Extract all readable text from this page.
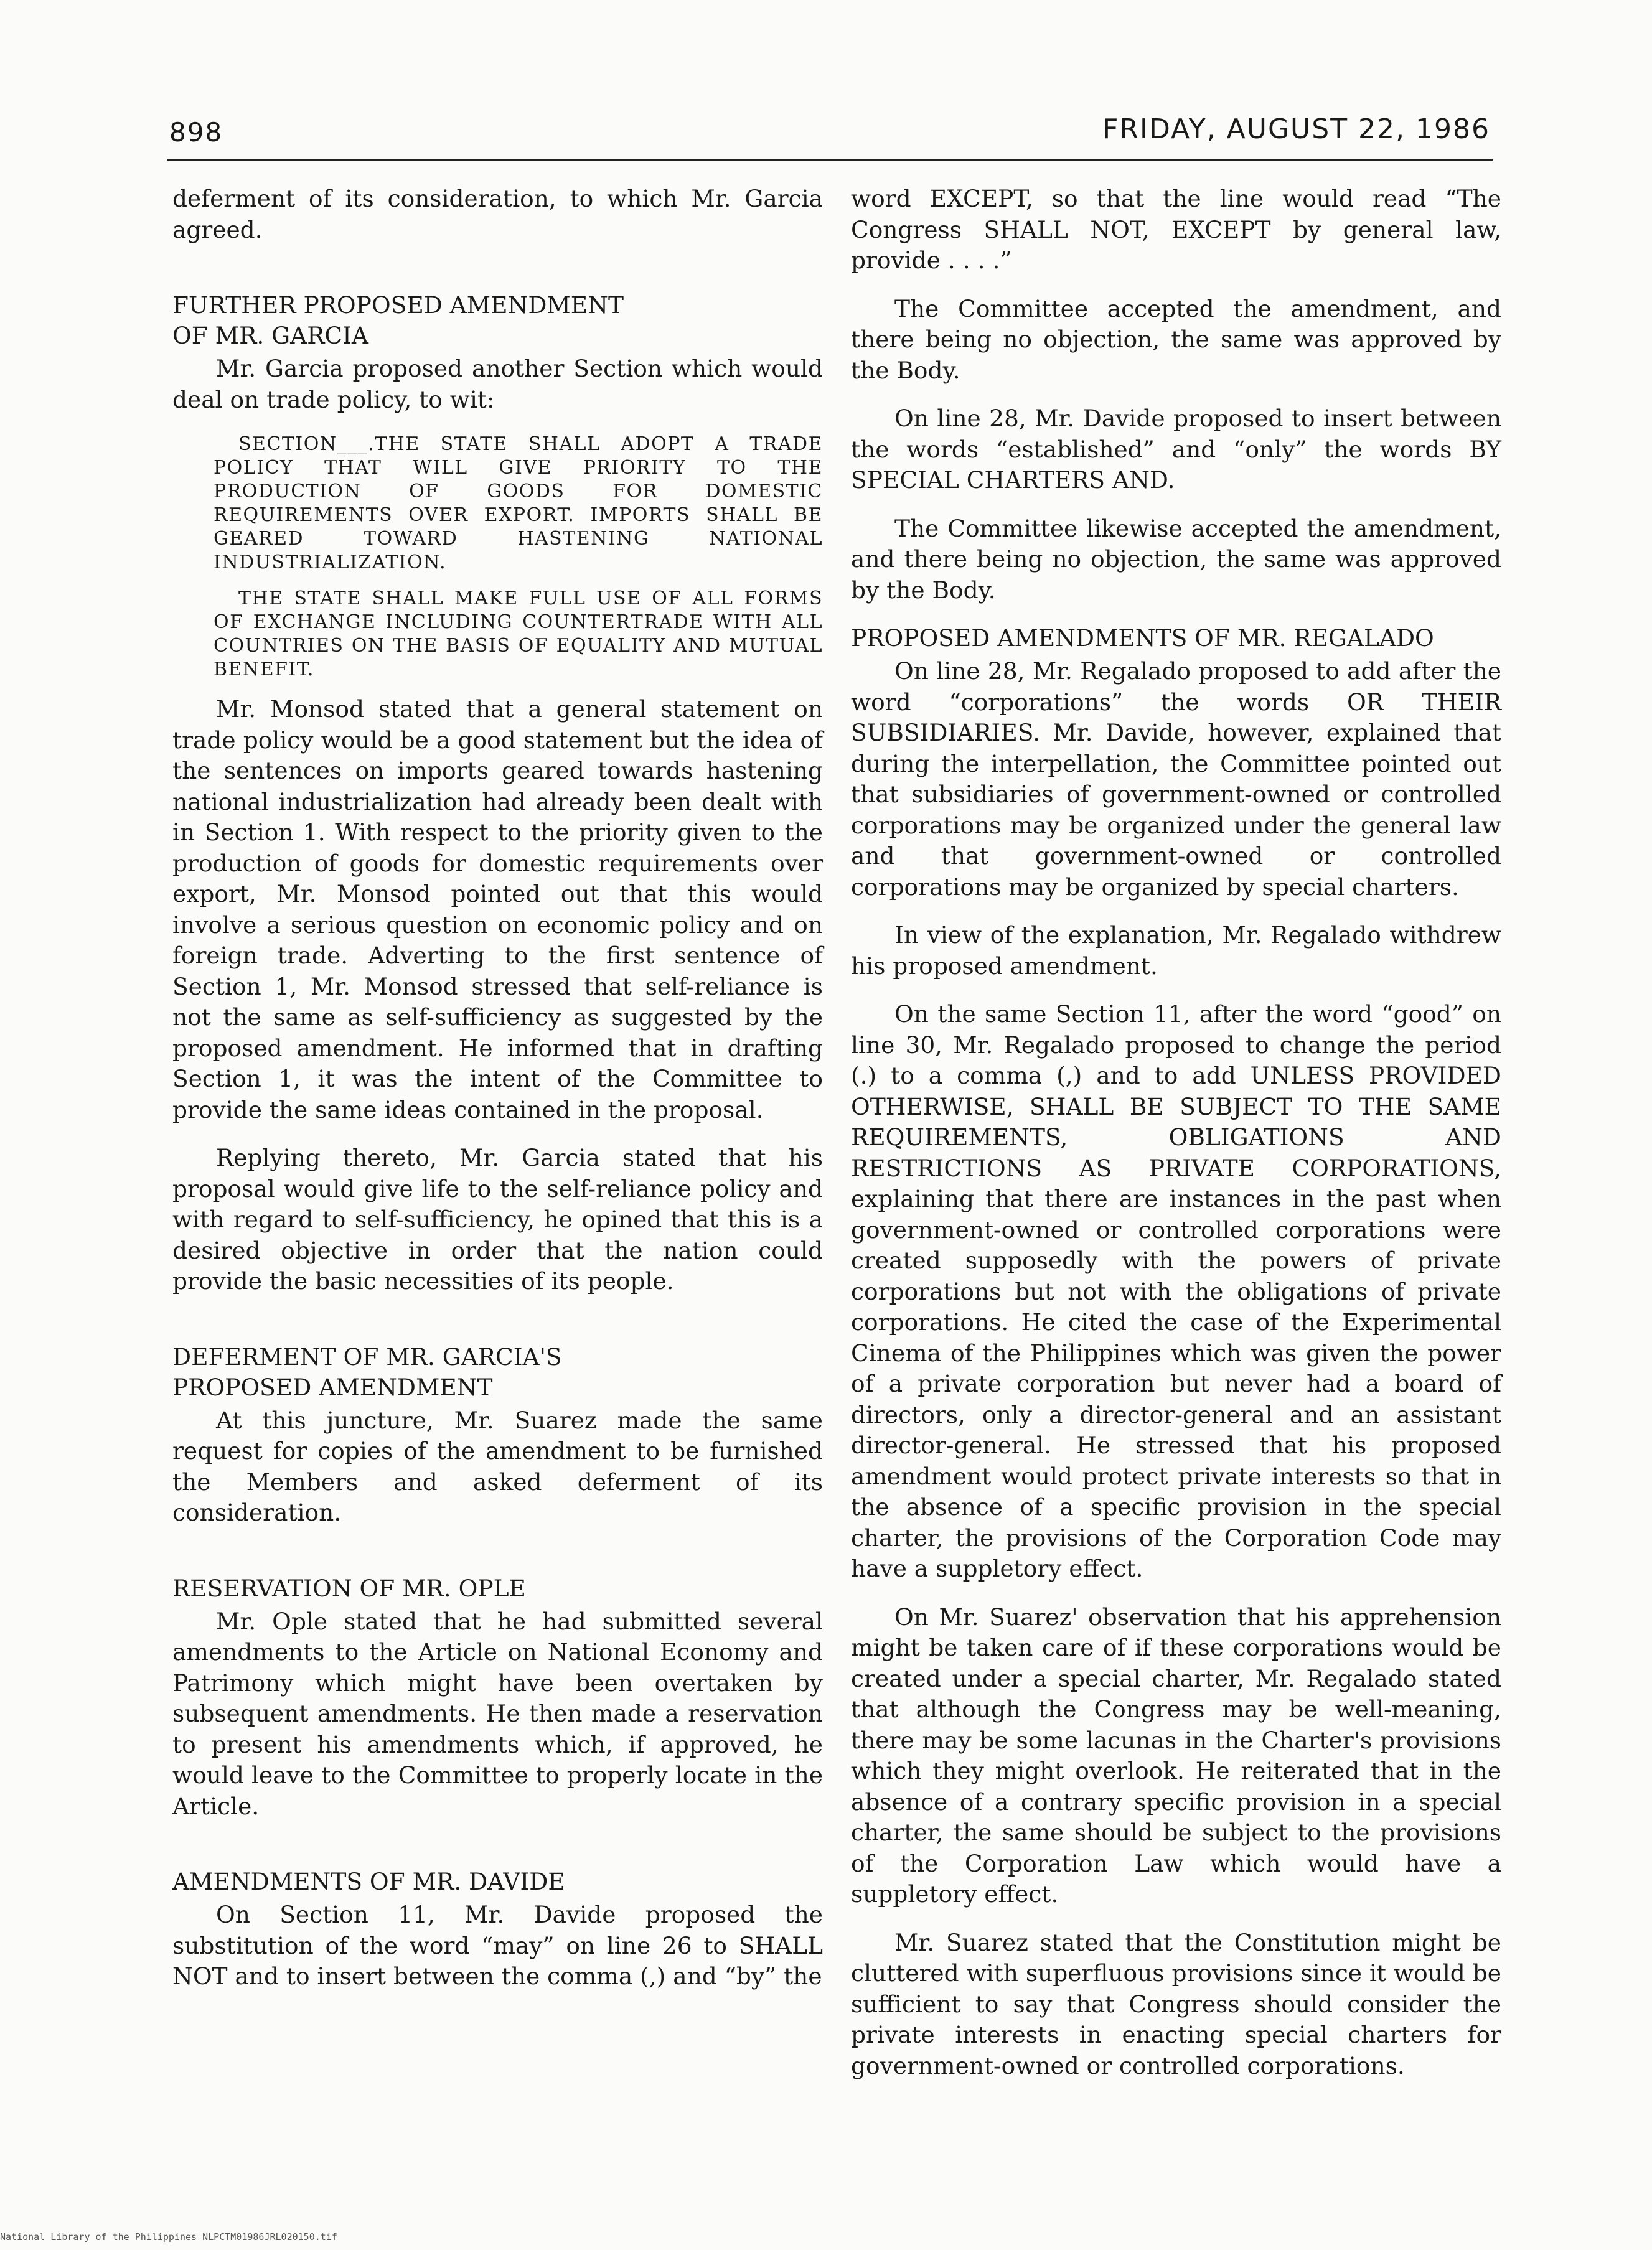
898	FRIDAY, AUGUST 22, 1986

deferment of its consideration, to which Mr. Garcia agreed.

FURTHER PROPOSED AMENDMENT
OF MR. GARCIA

Mr. Garcia proposed another Section which would deal on trade policy, to wit:

SECTION___.THE STATE SHALL ADOPT A TRADE POLICY THAT WILL GIVE PRIORITY TO THE PRODUCTION OF GOODS FOR DOMESTIC REQUIREMENTS OVER EXPORT. IMPORTS SHALL BE GEARED TOWARD HASTENING NATIONAL INDUSTRIALIZATION.

THE STATE SHALL MAKE FULL USE OF ALL FORMS OF EXCHANGE INCLUDING COUNTERTRADE WITH ALL COUNTRIES ON THE BASIS OF EQUALITY AND MUTUAL BENEFIT.

Mr. Monsod stated that a general statement on trade policy would be a good statement but the idea of the sentences on imports geared towards hastening national industrialization had already been dealt with in Section 1. With respect to the priority given to the production of goods for domestic requirements over export, Mr. Monsod pointed out that this would involve a serious question on economic policy and on foreign trade. Adverting to the first sentence of Section 1, Mr. Monsod stressed that self-reliance is not the same as self-sufficiency as suggested by the proposed amendment. He informed that in drafting Section 1, it was the intent of the Committee to provide the same ideas contained in the proposal.

Replying thereto, Mr. Garcia stated that his proposal would give life to the self-reliance policy and with regard to self-sufficiency, he opined that this is a desired objective in order that the nation could provide the basic necessities of its people.

DEFERMENT OF MR. GARCIA'S
PROPOSED AMENDMENT

At this juncture, Mr. Suarez made the same request for copies of the amendment to be furnished the Members and asked deferment of its consideration.

RESERVATION OF MR. OPLE

Mr. Ople stated that he had submitted several amendments to the Article on National Economy and Patrimony which might have been overtaken by subsequent amendments. He then made a reservation to present his amendments which, if approved, he would leave to the Committee to properly locate in the Article.

AMENDMENTS OF MR. DAVIDE

On Section 11, Mr. Davide proposed the substitution of the word “may” on line 26 to SHALL NOT and to insert between the comma (,) and “by” the

word EXCEPT, so that the line would read “The Congress SHALL NOT, EXCEPT by general law, provide . . . .”

The Committee accepted the amendment, and there being no objection, the same was approved by the Body.

On line 28, Mr. Davide proposed to insert between the words “established” and “only” the words BY SPECIAL CHARTERS AND.

The Committee likewise accepted the amendment, and there being no objection, the same was approved by the Body.

PROPOSED AMENDMENTS OF MR. REGALADO

On line 28, Mr. Regalado proposed to add after the word “corporations” the words OR THEIR SUBSIDIARIES. Mr. Davide, however, explained that during the interpellation, the Committee pointed out that subsidiaries of government-owned or controlled corporations may be organized under the general law and that government-owned or controlled corporations may be organized by special charters.

In view of the explanation, Mr. Regalado withdrew his proposed amendment.

On the same Section 11, after the word “good” on line 30, Mr. Regalado proposed to change the period (.) to a comma (,) and to add UNLESS PROVIDED OTHERWISE, SHALL BE SUBJECT TO THE SAME REQUIREMENTS, OBLIGATIONS AND RESTRICTIONS AS PRIVATE CORPORATIONS, explaining that there are instances in the past when government-owned or controlled corporations were created supposedly with the powers of private corporations but not with the obligations of private corporations. He cited the case of the Experimental Cinema of the Philippines which was given the power of a private corporation but never had a board of directors, only a director-general and an assistant director-general. He stressed that his proposed amendment would protect private interests so that in the absence of a specific provision in the special charter, the provisions of the Corporation Code may have a suppletory effect.

On Mr. Suarez' observation that his apprehension might be taken care of if these corporations would be created under a special charter, Mr. Regalado stated that although the Congress may be well-meaning, there may be some lacunas in the Charter's provisions which they might overlook. He reiterated that in the absence of a contrary specific provision in a special charter, the same should be subject to the provisions of the Corporation Law which would have a suppletory effect.

Mr. Suarez stated that the Constitution might be cluttered with superfluous provisions since it would be sufficient to say that Congress should consider the private interests in enacting special charters for government-owned or controlled corporations.

National Library of the Philippines NLPCTM01986JRL020150.tif
